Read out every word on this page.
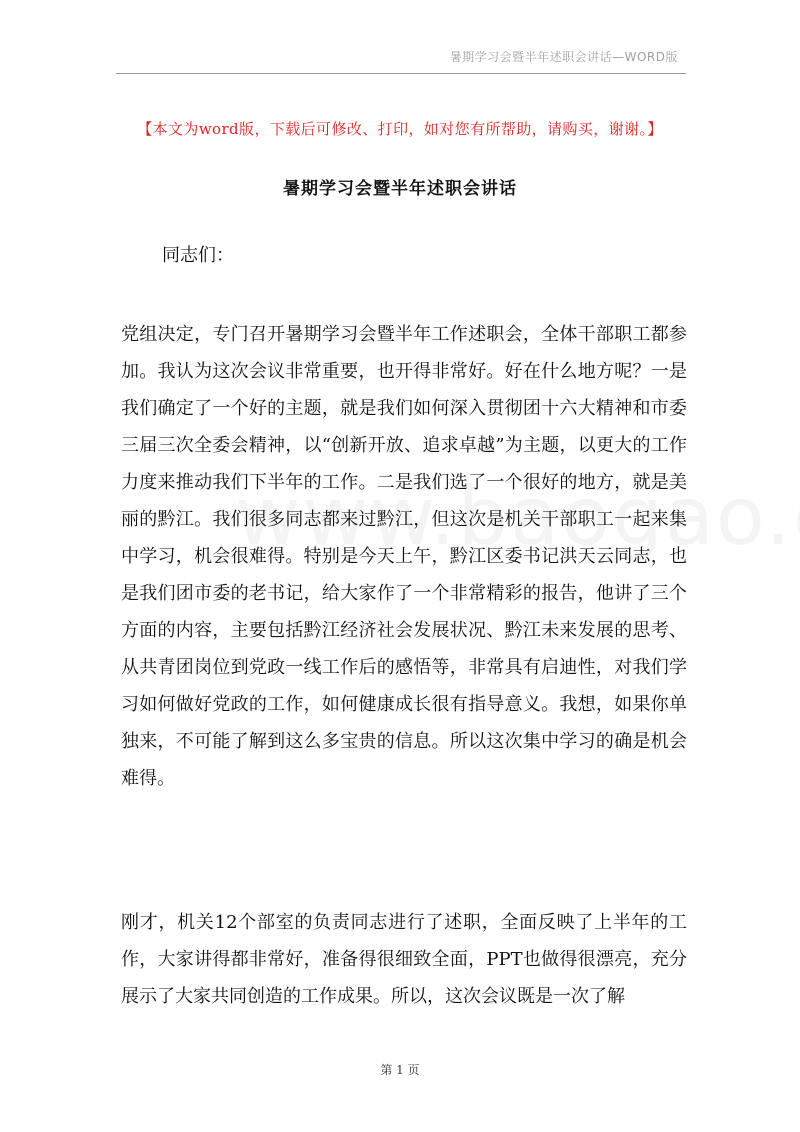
暑期学习会暨半年述职会讲话—WORD版
【本文为word版，下载后可修改、打印，如对您有所帮助，请购买，谢谢。】
暑期学习会暨半年述职会讲话
同志们：

党组决定，专门召开暑期学习会暨半年工作述职会，全体干部职工都参加。我认为这次会议非常重要，也开得非常好。好在什么地方呢？一是我们确定了一个好的主题，就是我们如何深入贯彻团十六大精神和市委三届三次全委会精神，以“创新开放、追求卓越”为主题，以更大的工作力度来推动我们下半年的工作。二是我们选了一个很好的地方，就是美丽的黔江。我们很多同志都来过黔江，但这次是机关干部职工一起来集中学习，机会很难得。特别是今天上午，黔江区委书记洪天云同志，也是我们团市委的老书记，给大家作了一个非常精彩的报告，他讲了三个方面的内容，主要包括黔江经济社会发展状况、黔江未来发展的思考、从共青团岗位到党政一线工作后的感悟等，非常具有启迪性，对我们学习如何做好党政的工作，如何健康成长很有指导意义。我想，如果你单独来，不可能了解到这么多宝贵的信息。所以这次集中学习的确是机会难得。

刚才，机关12个部室的负责同志进行了述职，全面反映了上半年的工作，大家讲得都非常好，准备得很细致全面，PPT也做得很漂亮，充分展示了大家共同创造的工作成果。所以，这次会议既是一次了解

第 1 页
